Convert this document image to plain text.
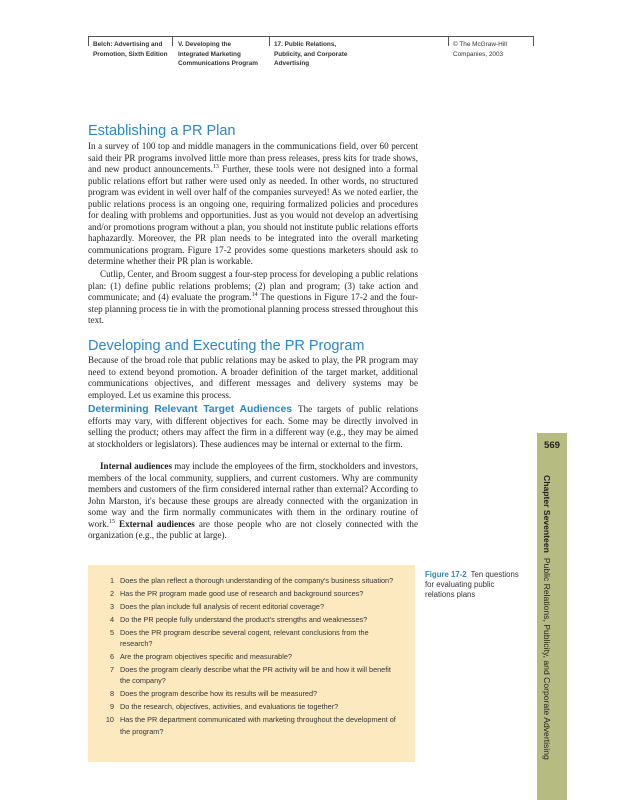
Belch: Advertising and
Promotion, Sixth Edition
V. Developing the
Integrated Marketing
Communications Program
17. Public Relations,
Publicity, and Corporate
Advertising
© The McGraw-Hill
Companies, 2003
Establishing a PR Plan

In a survey of 100 top and middle managers in the communications field, over 60 percent said their PR programs involved little more than press releases, press kits for trade shows, and new product announcements.$^{13}$ Further, these tools were not designed into a formal public relations effort but rather were used only as needed. In other words, no structured program was evident in well over half of the companies surveyed! As we noted earlier, the public relations process is an ongoing one, requiring formalized policies and procedures for dealing with problems and opportunities. Just as you would not develop an advertising and/or promotions program without a plan, you should not institute public relations efforts haphazardly. Moreover, the PR plan needs to be integrated into the overall marketing communications program. Figure 17-2 provides some questions marketers should ask to determine whether their PR plan is workable.

Cutlip, Center, and Broom suggest a four-step process for developing a public relations plan: (1) define public relations problems; (2) plan and program; (3) take action and communicate; and (4) evaluate the program.$^{14}$ The questions in Figure 17-2 and the four-step planning process tie in with the promotional planning process stressed throughout this text.

Developing and Executing the PR Program

Because of the broad role that public relations may be asked to play, the PR program may need to extend beyond promotion. A broader definition of the target market, additional communications objectives, and different messages and delivery systems may be employed. Let us examine this process.

Determining Relevant Target Audiences The targets of public relations efforts may vary, with different objectives for each. Some may be directly involved in selling the product; others may affect the firm in a different way (e.g., they may be aimed at stockholders or legislators). These audiences may be internal or external to the firm.

Internal audiences may include the employees of the firm, stockholders and investors, members of the local community, suppliers, and current customers. Why are community members and customers of the firm considered internal rather than external? According to John Marston, it's because these groups are already connected with the organization in some way and the firm normally communicates with them in the ordinary routine of work.$^{15}$ External audiences are those people who are not closely connected with the organization (e.g., the public at large).

1 Does the plan reflect a thorough understanding of the company's business situation?
2 Has the PR program made good use of research and background sources?
3 Does the plan include full analysis of recent editorial coverage?
4 Do the PR people fully understand the product's strengths and weaknesses?
5 Does the PR program describe several cogent, relevant conclusions from the research?
6 Are the program objectives specific and measurable?
7 Does the program clearly describe what the PR activity will be and how it will benefit the company?
8 Does the program describe how its results will be measured?
9 Do the research, objectives, activities, and evaluations tie together?
10 Has the PR department communicated with marketing throughout the development of the program?
Figure 17-2 Ten questions for evaluating public relations plans
569
Chapter SeventeenPublic Relations, Publicity, and Corporate Advertising
